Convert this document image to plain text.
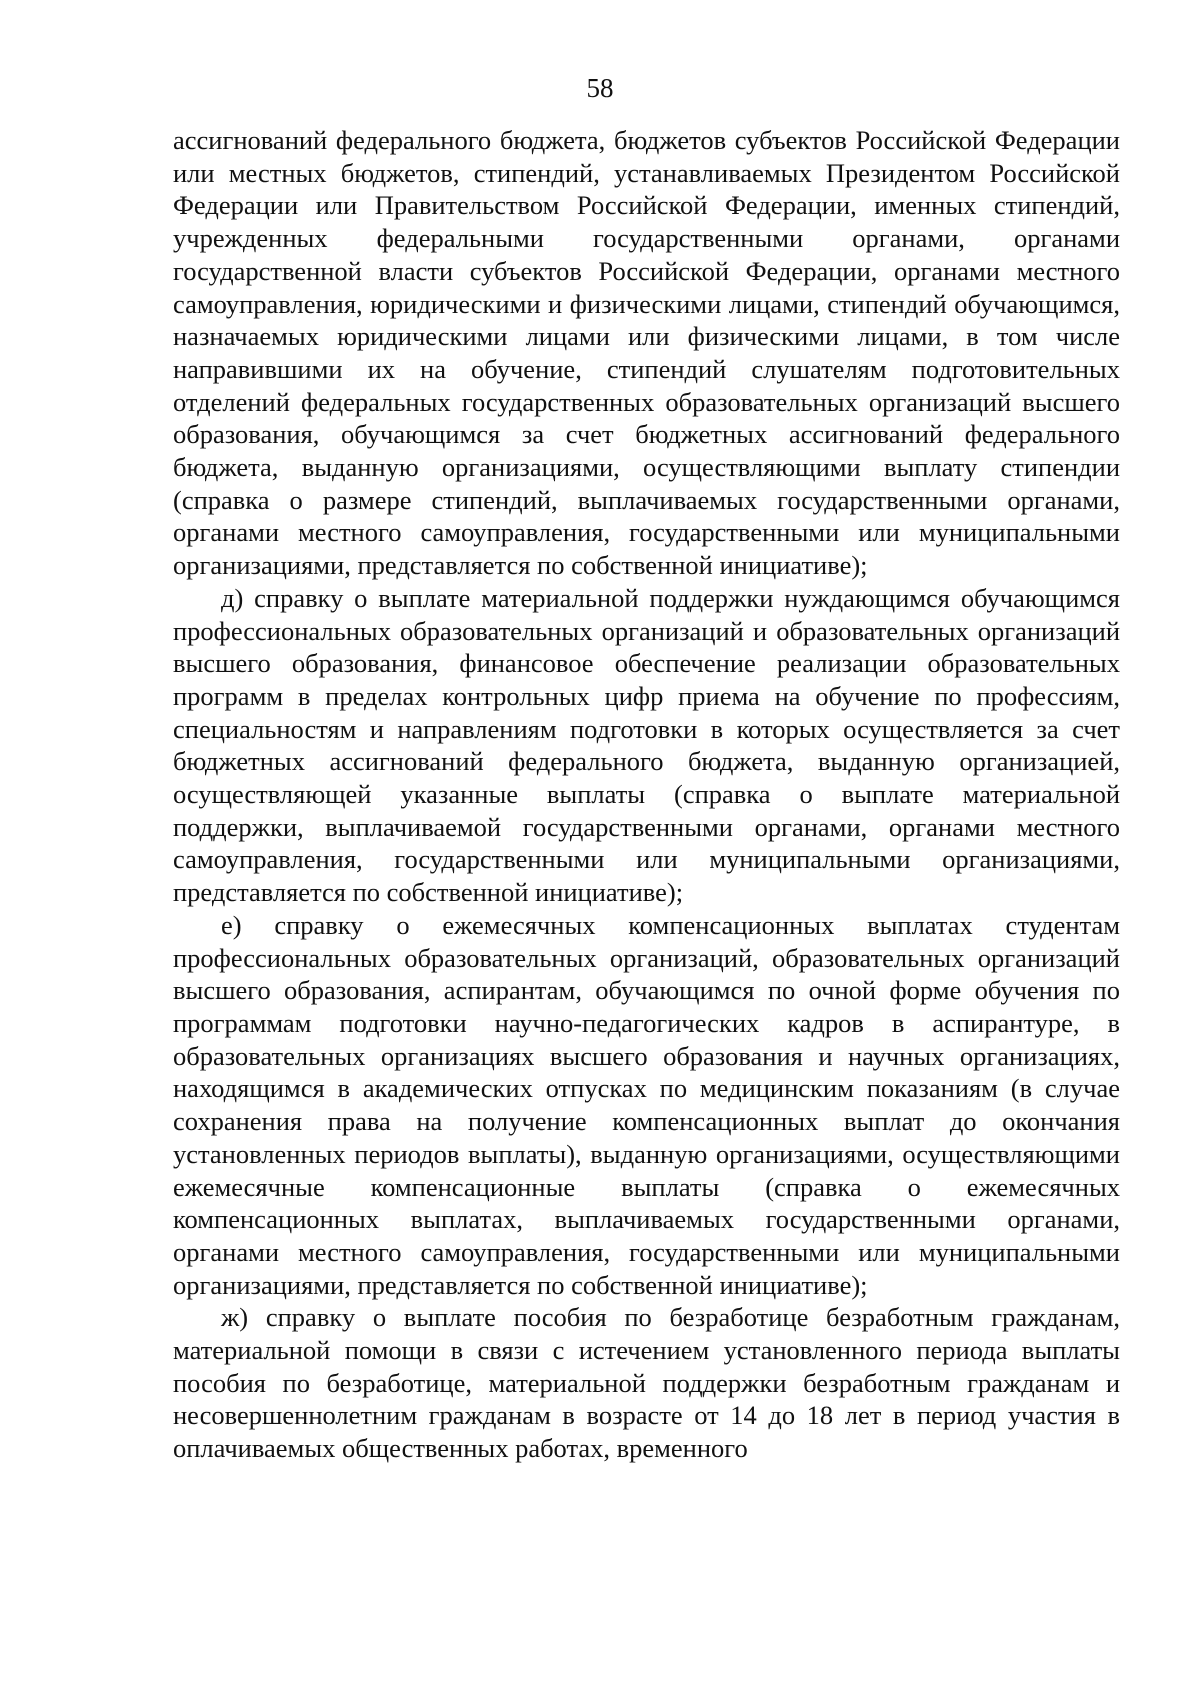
58

ассигнований федерального бюджета, бюджетов субъектов Российской Федерации или местных бюджетов, стипендий, устанавливаемых Президентом Российской Федерации или Правительством Российской Федерации, именных стипендий, учрежденных федеральными государственными органами, органами государственной власти субъектов Российской Федерации, органами местного самоуправления, юридическими и физическими лицами, стипендий обучающимся, назначаемых юридическими лицами или физическими лицами, в том числе направившими их на обучение, стипендий слушателям подготовительных отделений федеральных государственных образовательных организаций высшего образования, обучающимся за счет бюджетных ассигнований федерального бюджета, выданную организациями, осуществляющими выплату стипендии (справка о размере стипендий, выплачиваемых государственными органами, органами местного самоуправления, государственными или муниципальными организациями, представляется по собственной инициативе);

д) справку о выплате материальной поддержки нуждающимся обучающимся профессиональных образовательных организаций и образовательных организаций высшего образования, финансовое обеспечение реализации образовательных программ в пределах контрольных цифр приема на обучение по профессиям, специальностям и направлениям подготовки в которых осуществляется за счет бюджетных ассигнований федерального бюджета, выданную организацией, осуществляющей указанные выплаты (справка о выплате материальной поддержки, выплачиваемой государственными органами, органами местного самоуправления, государственными или муниципальными организациями, представляется по собственной инициативе);

е) справку о ежемесячных компенсационных выплатах студентам профессиональных образовательных организаций, образовательных организаций высшего образования, аспирантам, обучающимся по очной форме обучения по программам подготовки научно-педагогических кадров в аспирантуре, в образовательных организациях высшего образования и научных организациях, находящимся в академических отпусках по медицинским показаниям (в случае сохранения права на получение компенсационных выплат до окончания установленных периодов выплаты), выданную организациями, осуществляющими ежемесячные компенсационные выплаты (справка о ежемесячных компенсационных выплатах, выплачиваемых государственными органами, органами местного самоуправления, государственными или муниципальными организациями, представляется по собственной инициативе);

ж) справку о выплате пособия по безработице безработным гражданам, материальной помощи в связи с истечением установленного периода выплаты пособия по безработице, материальной поддержки безработным гражданам и несовершеннолетним гражданам в возрасте от 14 до 18 лет в период участия в оплачиваемых общественных работах, временного
